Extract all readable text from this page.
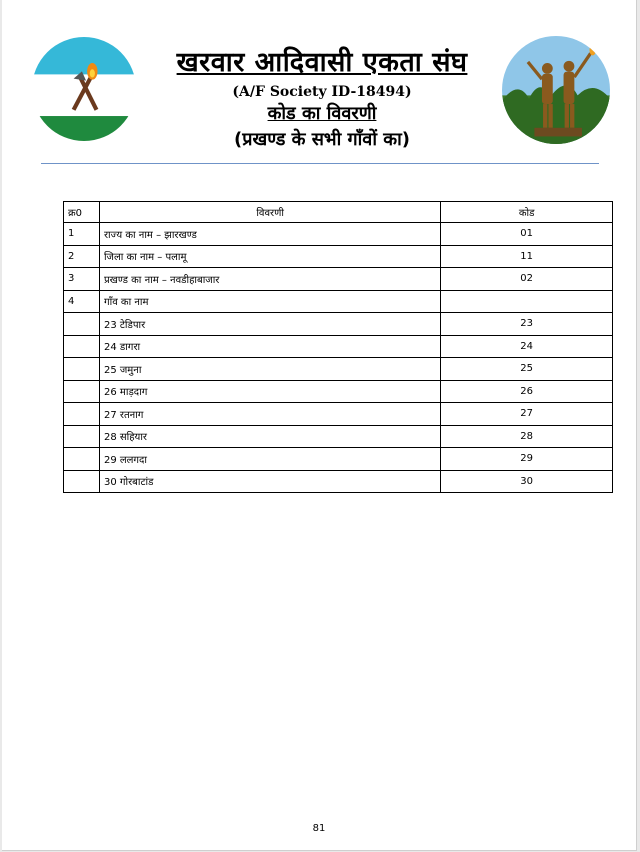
खरवार आदिवासी एकता संघ
(A/F Society ID-18494)
कोड का विवरणी
(प्रखण्ड के सभी गाँवों का)
क्र0	विवरणी	कोड
1	राज्य का नाम – झारखण्ड	01
2	जिला का नाम – पलामू	11
3	प्रखण्ड का नाम – नवडीहाबाजार	02
4	गाँव का नाम	
	23 टेडिपार	23
	24 डागरा	24
	25 जमुना	25
	26 माड़दाग	26
	27 रतनाग	27
	28 सहियार	28
	29 ललगदा	29
	30 गोरबाटांड	30
81
